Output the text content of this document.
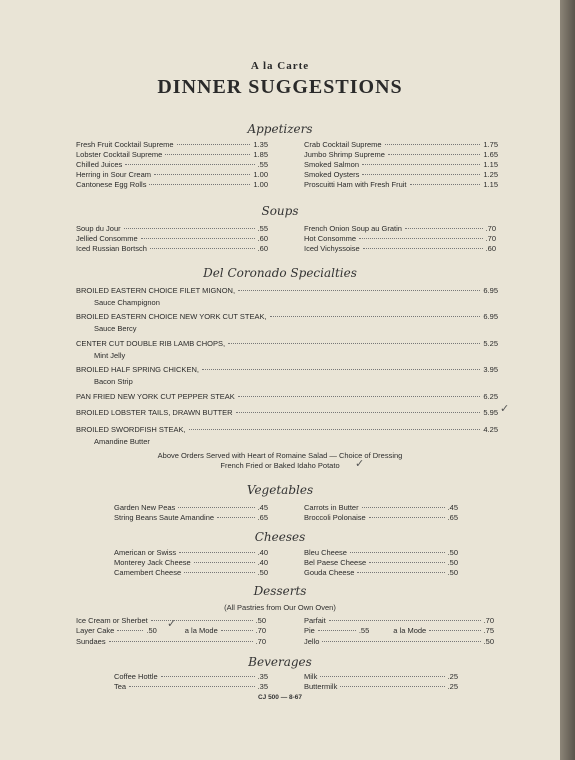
A la Carte
DINNER SUGGESTIONS
Appetizers
Fresh Fruit Cocktail Supreme	1.35
Lobster Cocktail Supreme	1.85
Chilled Juices	.55
Herring in Sour Cream	1.00
Cantonese Egg Rolls	1.00
Crab Cocktail Supreme	1.75
Jumbo Shrimp Supreme	1.65
Smoked Salmon	1.15
Smoked Oysters	1.25
Proscuitti Ham with Fresh Fruit	1.15
Soups
Soup du Jour	.55
Jellied Consomme	.60
Iced Russian Bortsch	.60
French Onion Soup au Gratin	.70
Hot Consomme	.70
Iced Vichyssoise	.60
Del Coronado Specialties
BROILED EASTERN CHOICE FILET MIGNON,	6.95
Sauce Champignon
BROILED EASTERN CHOICE NEW YORK CUT STEAK,	6.95
Sauce Bercy
CENTER CUT DOUBLE RIB LAMB CHOPS,	5.25
Mint Jelly
BROILED HALF SPRING CHICKEN,	3.95
Bacon Strip
PAN FRIED NEW YORK CUT PEPPER STEAK	6.25
BROILED LOBSTER TAILS, DRAWN BUTTER	5.95
BROILED SWORDFISH STEAK,	4.25
Amandine Butter
Above Orders Served with Heart of Romaine Salad — Choice of Dressing
French Fried or Baked Idaho Potato	✓
✓
Vegetables
Garden New Peas	.45
String Beans Saute Amandine	.65
Carrots in Butter	.45
Broccoli Polonaise	.65
Cheeses
American or Swiss	.40
Monterey Jack Cheese	.40
Camembert Cheese	.50
Bleu Cheese	.50
Bel Paese Cheese	.50
Gouda Cheese	.50
Desserts
(All Pastries from Our Own Oven)
Ice Cream or Sherbet	.50
✓
Layer Cake	.50	a la Mode	.70
Sundaes	.70
Parfait	.70
Pie	.55	a la Mode	.75
Jello	.50
Beverages
Coffee Hottle	.35
Tea	.35
Milk	.25
Buttermilk	.25
CJ 500 — 8-67
